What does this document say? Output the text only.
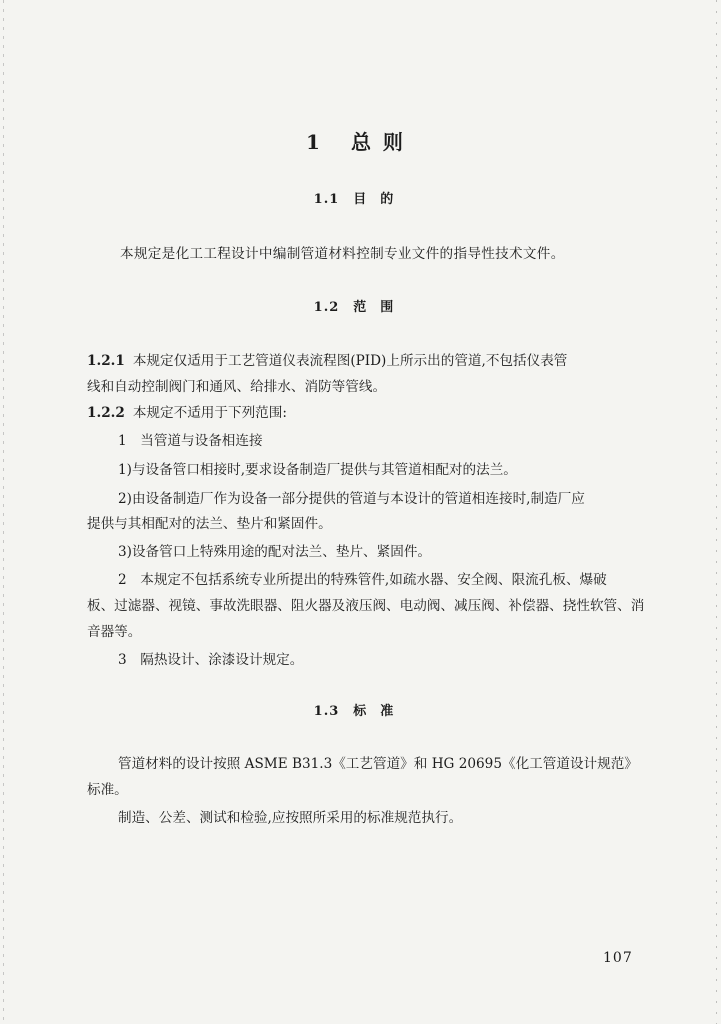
1 总则
1.1 目的
本规定是化工工程设计中编制管道材料控制专业文件的指导性技术文件。
1.2 范围
1.2.1 本规定仅适用于工艺管道仪表流程图(PID)上所示出的管道,不包括仪表管
线和自动控制阀门和通风、给排水、消防等管线。
1.2.2 本规定不适用于下列范围:
1　当管道与设备相连接
1)与设备管口相接时,要求设备制造厂提供与其管道相配对的法兰。
2)由设备制造厂作为设备一部分提供的管道与本设计的管道相连接时,制造厂应
提供与其相配对的法兰、垫片和紧固件。
3)设备管口上特殊用途的配对法兰、垫片、紧固件。
2　本规定不包括系统专业所提出的特殊管件,如疏水器、安全阀、限流孔板、爆破
板、过滤器、视镜、事故洗眼器、阻火器及液压阀、电动阀、减压阀、补偿器、挠性软管、消
音器等。
3　隔热设计、涂漆设计规定。
1.3 标准
管道材料的设计按照 ASME B31.3《工艺管道》和 HG 20695《化工管道设计规范》
标准。
制造、公差、测试和检验,应按照所采用的标准规范执行。
107
